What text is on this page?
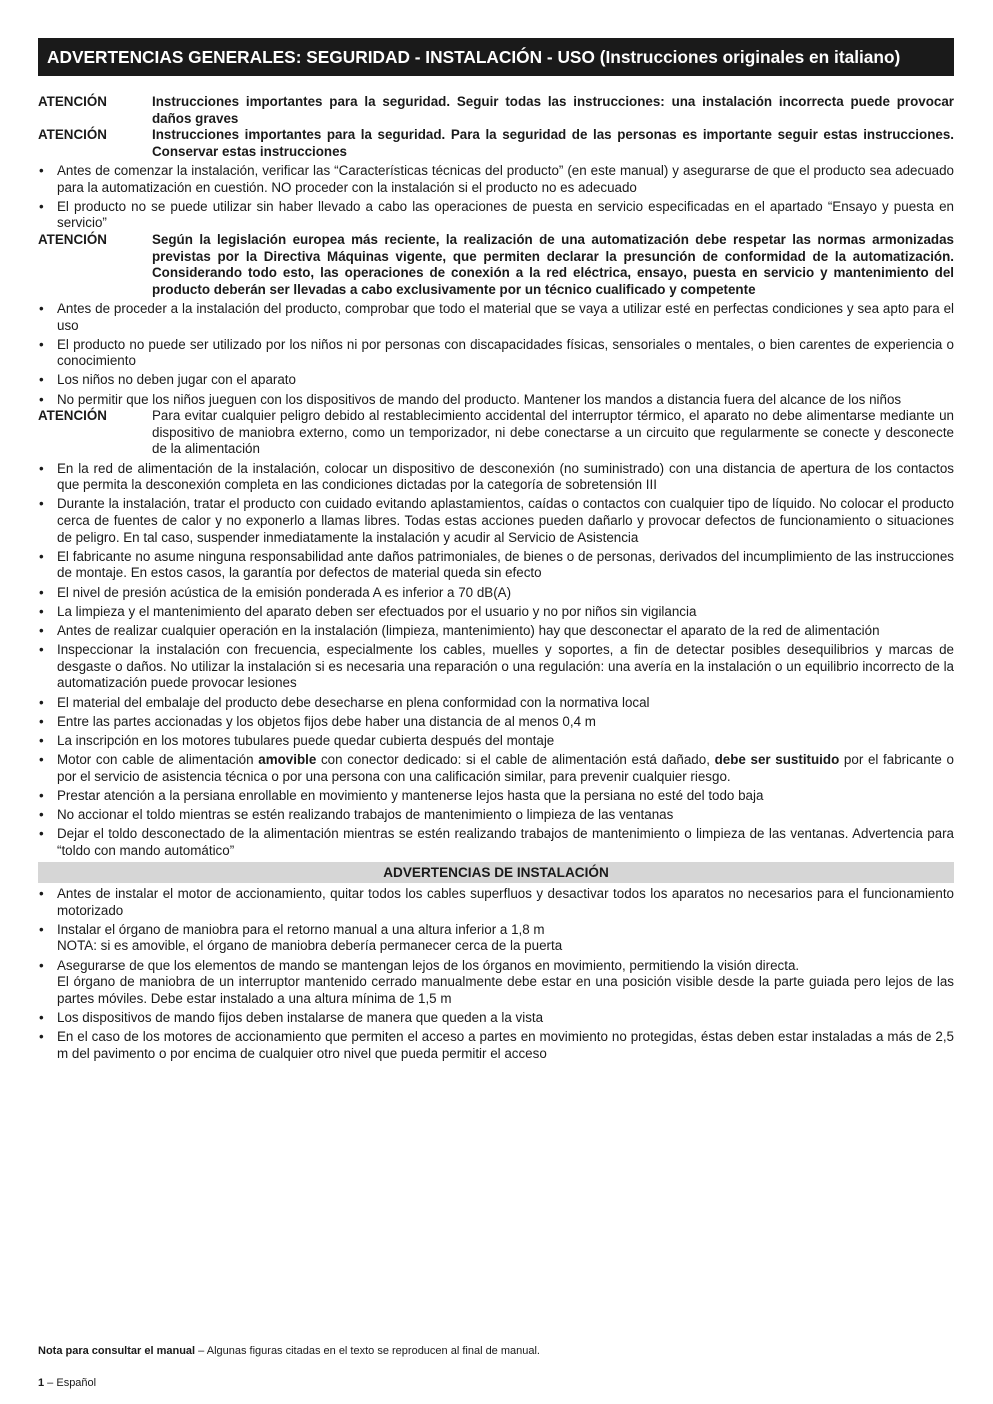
ADVERTENCIAS GENERALES: SEGURIDAD - INSTALACIÓN - USO (Instrucciones originales en italiano)
ATENCIÓN	Instrucciones importantes para la seguridad. Seguir todas las instrucciones: una instalación incorrecta puede provocar daños graves
ATENCIÓN	Instrucciones importantes para la seguridad. Para la seguridad de las personas es importante seguir estas instrucciones. Conservar estas instrucciones
• Antes de comenzar la instalación, verificar las “Características técnicas del producto” (en este manual) y asegurarse de que el producto sea adecuado para la automatización en cuestión. NO proceder con la instalación si el producto no es adecuado
• El producto no se puede utilizar sin haber llevado a cabo las operaciones de puesta en servicio especificadas en el apartado “Ensayo y puesta en servicio”
ATENCIÓN	Según la legislación europea más reciente, la realización de una automatización debe respetar las normas armonizadas previstas por la Directiva Máquinas vigente, que permiten declarar la presunción de conformidad de la automatización. Considerando todo esto, las operaciones de conexión a la red eléctrica, ensayo, puesta en servicio y mantenimiento del producto deberán ser llevadas a cabo exclusivamente por un técnico cualificado y competente
• Antes de proceder a la instalación del producto, comprobar que todo el material que se vaya a utilizar esté en perfectas condiciones y sea apto para el uso
• El producto no puede ser utilizado por los niños ni por personas con discapacidades físicas, sensoriales o mentales, o bien carentes de experiencia o conocimiento
• Los niños no deben jugar con el aparato
• No permitir que los niños jueguen con los dispositivos de mando del producto. Mantener los mandos a distancia fuera del alcance de los niños
ATENCIÓN	Para evitar cualquier peligro debido al restablecimiento accidental del interruptor térmico, el aparato no debe alimentarse mediante un dispositivo de maniobra externo, como un temporizador, ni debe conectarse a un circuito que regularmente se conecte y desconecte de la alimentación
• En la red de alimentación de la instalación, colocar un dispositivo de desconexión (no suministrado) con una distancia de apertura de los contactos que permita la desconexión completa en las condiciones dictadas por la categoría de sobretensión III
• Durante la instalación, tratar el producto con cuidado evitando aplastamientos, caídas o contactos con cualquier tipo de líquido. No colocar el producto cerca de fuentes de calor y no exponerlo a llamas libres. Todas estas acciones pueden dañarlo y provocar defectos de funcionamiento o situaciones de peligro. En tal caso, suspender inmediatamente la instalación y acudir al Servicio de Asistencia
• El fabricante no asume ninguna responsabilidad ante daños patrimoniales, de bienes o de personas, derivados del incumplimiento de las instrucciones de montaje. En estos casos, la garantía por defectos de material queda sin efecto
• El nivel de presión acústica de la emisión ponderada A es inferior a 70 dB(A)
• La limpieza y el mantenimiento del aparato deben ser efectuados por el usuario y no por niños sin vigilancia
• Antes de realizar cualquier operación en la instalación (limpieza, mantenimiento) hay que desconectar el aparato de la red de alimentación
• Inspeccionar la instalación con frecuencia, especialmente los cables, muelles y soportes, a fin de detectar posibles desequilibrios y marcas de desgaste o daños. No utilizar la instalación si es necesaria una reparación o una regulación: una avería en la instalación o un equilibrio incorrecto de la automatización puede provocar lesiones
• El material del embalaje del producto debe desecharse en plena conformidad con la normativa local
• Entre las partes accionadas y los objetos fijos debe haber una distancia de al menos 0,4 m
• La inscripción en los motores tubulares puede quedar cubierta después del montaje
• Motor con cable de alimentación amovible con conector dedicado: si el cable de alimentación está dañado, debe ser sustituido por el fabricante o por el servicio de asistencia técnica o por una persona con una calificación similar, para prevenir cualquier riesgo.
• Prestar atención a la persiana enrollable en movimiento y mantenerse lejos hasta que la persiana no esté del todo baja
• No accionar el toldo mientras se estén realizando trabajos de mantenimiento o limpieza de las ventanas
• Dejar el toldo desconectado de la alimentación mientras se estén realizando trabajos de mantenimiento o limpieza de las ventanas. Advertencia para “toldo con mando automático”
ADVERTENCIAS DE INSTALACIÓN
• Antes de instalar el motor de accionamiento, quitar todos los cables superfluos y desactivar todos los aparatos no necesarios para el funcionamiento motorizado
• Instalar el órgano de maniobra para el retorno manual a una altura inferior a 1,8 m
NOTA: si es amovible, el órgano de maniobra debería permanecer cerca de la puerta
• Asegurarse de que los elementos de mando se mantengan lejos de los órganos en movimiento, permitiendo la visión directa.
El órgano de maniobra de un interruptor mantenido cerrado manualmente debe estar en una posición visible desde la parte guiada pero lejos de las partes móviles. Debe estar instalado a una altura mínima de 1,5 m
• Los dispositivos de mando fijos deben instalarse de manera que queden a la vista
• En el caso de los motores de accionamiento que permiten el acceso a partes en movimiento no protegidas, éstas deben estar instaladas a más de 2,5 m del pavimento o por encima de cualquier otro nivel que pueda permitir el acceso
Nota para consultar el manual – Algunas figuras citadas en el texto se reproducen al final de manual.
1 – Español
